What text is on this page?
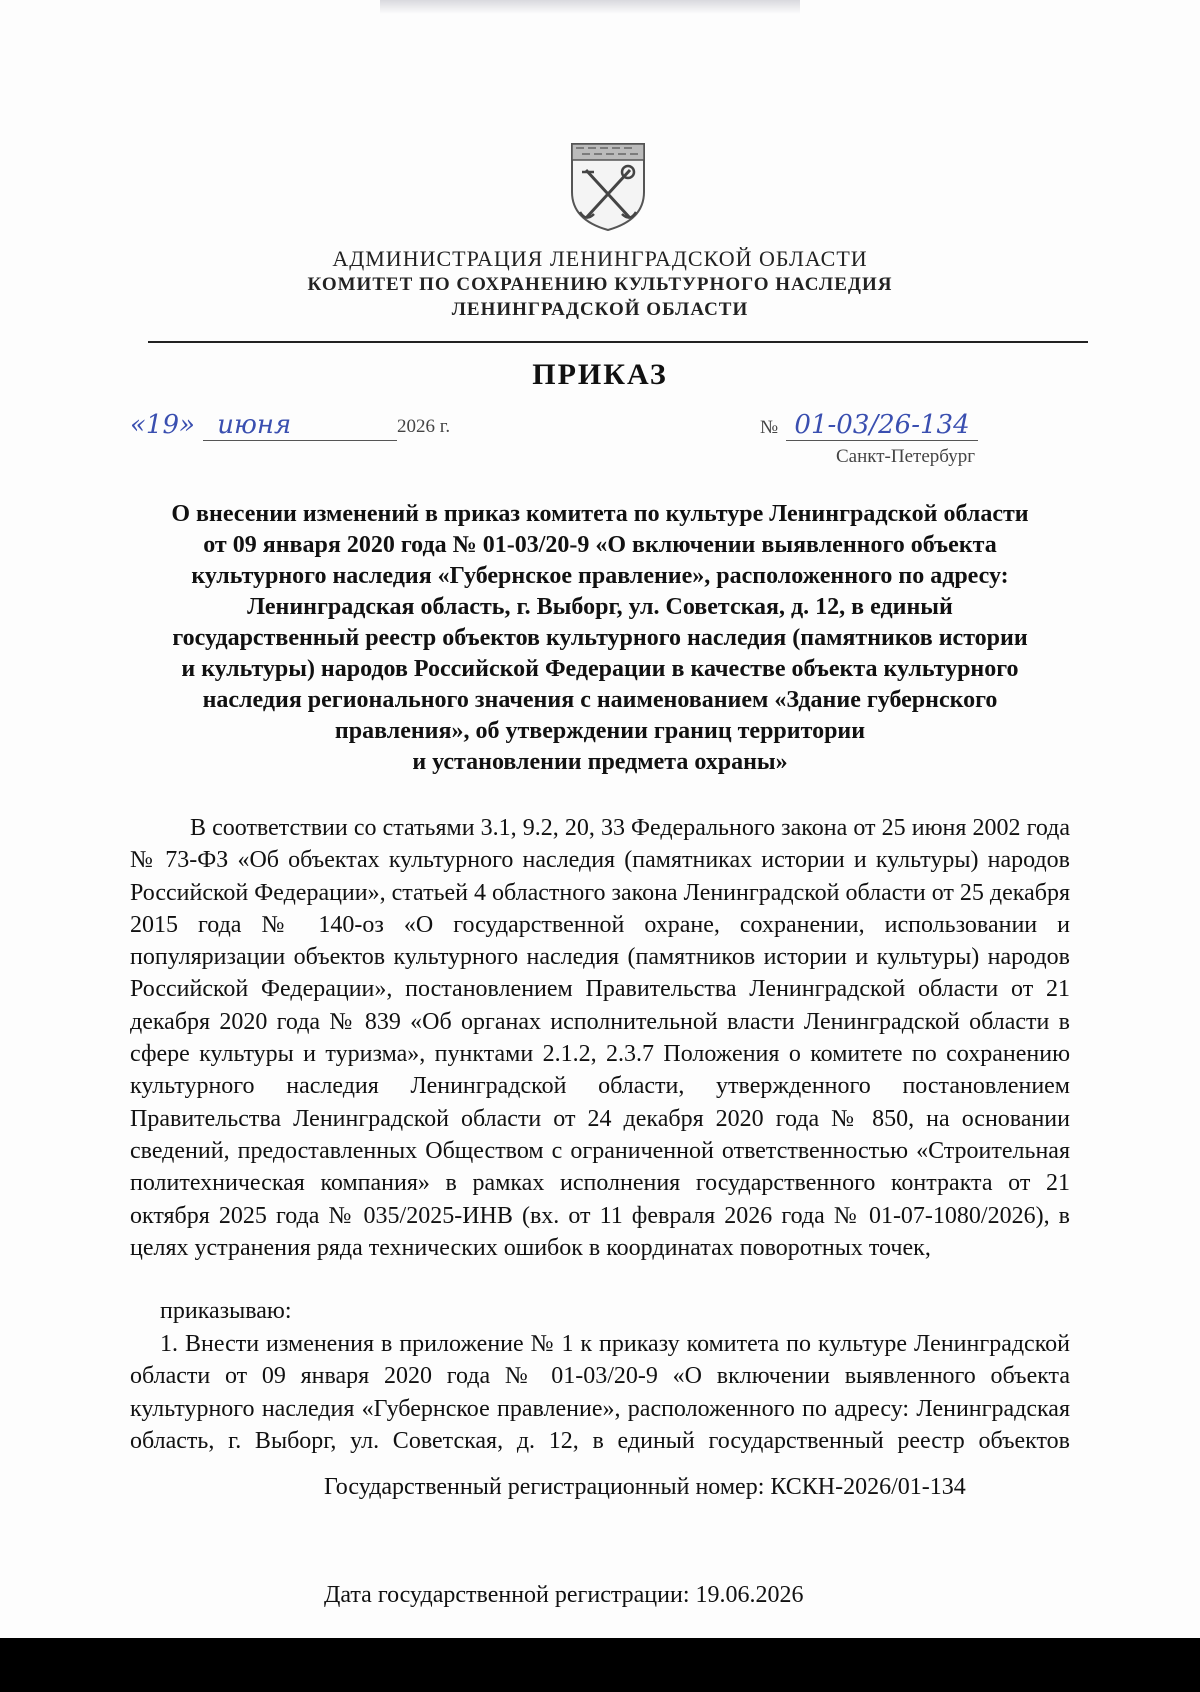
АДМИНИСТРАЦИЯ ЛЕНИНГРАДСКОЙ ОБЛАСТИ
КОМИТЕТ ПО СОХРАНЕНИЮ КУЛЬТУРНОГО НАСЛЕДИЯ
ЛЕНИНГРАДСКОЙ ОБЛАСТИ
ПРИКАЗ
«19» июня	2026 г.	№ 01-03/26-134
Санкт-Петербург
О внесении изменений в приказ комитета по культуре Ленинградской области
от 09 января 2020 года № 01-03/20-9 «О включении выявленного объекта
культурного наследия «Губернское правление», расположенного по адресу:
Ленинградская область, г. Выборг, ул. Советская, д. 12, в единый
государственный реестр объектов культурного наследия (памятников истории
и культуры) народов Российской Федерации в качестве объекта культурного
наследия регионального значения с наименованием «Здание губернского
правления», об утверждении границ территории
и установлении предмета охраны»
В соответствии со статьями 3.1, 9.2, 20, 33 Федерального закона от 25 июня 2002 года № 73-ФЗ «Об объектах культурного наследия (памятниках истории и культуры) народов Российской Федерации», статьей 4 областного закона Ленинградской области от 25 декабря 2015 года № 140-оз «О государственной охране, сохранении, использовании и популяризации объектов культурного наследия (памятников истории и культуры) народов Российской Федерации», постановлением Правительства Ленинградской области от 21 декабря 2020 года № 839 «Об органах исполнительной власти Ленинградской области в сфере культуры и туризма», пунктами 2.1.2, 2.3.7 Положения о комитете по сохранению культурного наследия Ленинградской области, утвержденного постановлением Правительства Ленинградской области от 24 декабря 2020 года № 850, на основании сведений, предоставленных Обществом с ограниченной ответственностью «Строительная политехническая компания» в рамках исполнения государственного контракта от 21 октября 2025 года № 035/2025-ИНВ (вх. от 11 февраля 2026 года № 01-07-1080/2026), в целях устранения ряда технических ошибок в координатах поворотных точек,
приказываю:
1. Внести изменения в приложение № 1 к приказу комитета по культуре Ленинградской области от 09 января 2020 года № 01-03/20-9 «О включении выявленного объекта культурного наследия «Губернское правление», расположенного по адресу: Ленинградская область, г. Выборг, ул. Советская, д. 12, в единый государственный реестр объектов
Государственный регистрационный номер: КСКН-2026/01-134
Дата государственной регистрации: 19.06.2026
